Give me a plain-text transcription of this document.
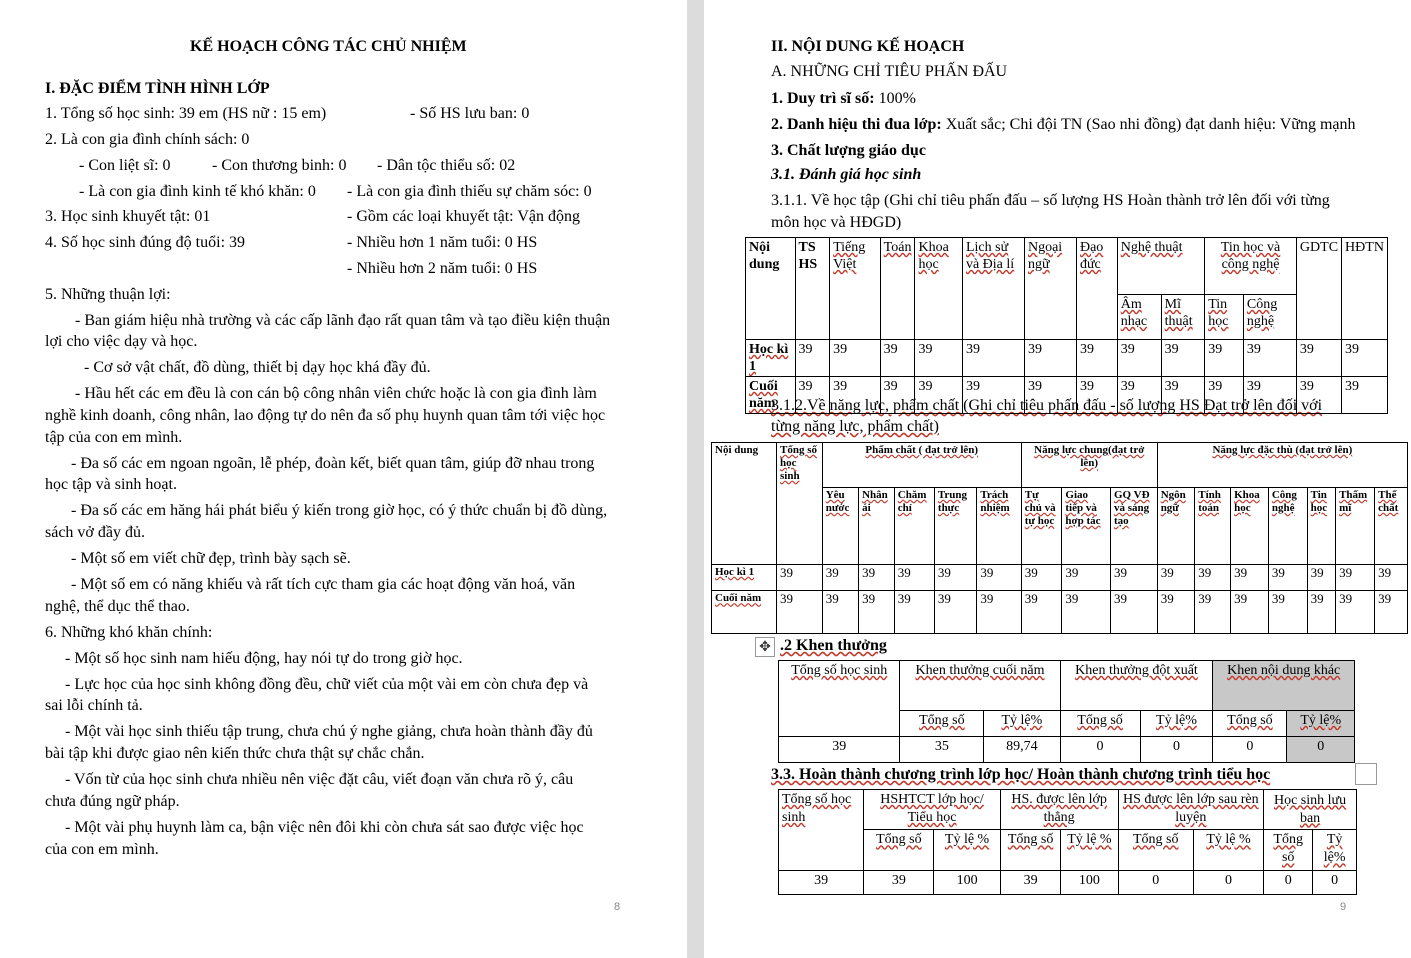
KẾ HOẠCH CÔNG TÁC CHỦ NHIỆM
I. ĐẶC ĐIỂM TÌNH HÌNH LỚP
1. Tổng số học sinh: 39 em (HS nữ : 15 em)	- Số HS lưu ban: 0
2. Là con gia đình chính sách: 0
- Con liệt sĩ: 0	- Con thương binh: 0 - Dân tộc thiểu số: 02
- Là con gia đình kinh tế khó khăn: 0 - Là con gia đình thiếu sự chăm sóc: 0
3. Học sinh khuyết tật: 01	- Gồm các loại khuyết tật: Vận động
4. Số học sinh đúng độ tuổi: 39	- Nhiều hơn 1 năm tuổi: 0 HS
- Nhiều hơn 2 năm tuổi: 0 HS
5. Những thuận lợi:
- Ban giám hiệu nhà trường và các cấp lãnh đạo rất quan tâm và tạo điều kiện thuận
lợi cho việc dạy và học.
- Cơ sở vật chất, đồ dùng, thiết bị dạy học khá đầy đủ.
- Hầu hết các em đều là con cán bộ công nhân viên chức hoặc là con gia đình làm
nghề kinh doanh, công nhân, lao động tự do nên đa số phụ huynh quan tâm tới việc học
tập của con em mình.
- Đa số các em ngoan ngoãn, lễ phép, đoàn kết, biết quan tâm, giúp đỡ nhau trong
học tập và sinh hoạt.
- Đa số các em hăng hái phát biểu ý kiến trong giờ học, có ý thức chuẩn bị đồ dùng,
sách vở đầy đủ.
- Một số em viết chữ đẹp, trình bày sạch sẽ.
- Một số em có năng khiếu và rất tích cực tham gia các hoạt động văn hoá, văn
nghệ, thể dục thể thao.
6. Những khó khăn chính:
- Một số học sinh nam hiếu động, hay nói tự do trong giờ học.
- Lực học của học sinh không đồng đều, chữ viết của một vài em còn chưa đẹp và
sai lỗi chính tả.
- Một vài học sinh thiếu tập trung, chưa chú ý nghe giảng, chưa hoàn thành đầy đủ
bài tập khi được giao nên kiến thức chưa thật sự chắc chắn.
- Vốn từ của học sinh chưa nhiều nên việc đặt câu, viết đoạn văn chưa rõ ý, câu
chưa đúng ngữ pháp.
- Một vài phụ huynh làm ca, bận việc nên đôi khi còn chưa sát sao được việc học
của con em mình.
8
II. NỘI DUNG KẾ HOẠCH
A. NHỮNG CHỈ TIÊU PHẤN ĐẤU
1. Duy trì sĩ số: 100%
2. Danh hiệu thi đua lớp: Xuất sắc; Chi đội TN (Sao nhi đồng) đạt danh hiệu: Vững mạnh
3. Chất lượng giáo dục
3.1. Đánh giá học sinh
3.1.1. Về học tập (Ghi chỉ tiêu phấn đấu – số lượng HS Hoàn thành trở lên đối với từng
môn học và HĐGD)
3.1.2.Về năng lực, phẩm chất (Ghi chỉ tiêu phấn đấu - số lượng HS Đạt trở lên đối với
từng năng lực, phẩm chất)
.2 Khen thưởng
3.3. Hoàn thành chương trình lớp học/ Hoàn thành chương trình tiểu học
9
✥
Nội dung	TS HS	Tiếng Việt	Toán	Khoa học	Lịch sử và Địa lí	Ngoại ngữ	Đạo đức	Nghệ thuật		Tin học và công nghệ		GDTC	HĐTN
								Âm nhạc	Mĩ thuật	Tin học	Công nghệ		
Học kì 1	39	39	39	39	39	39	39	39	39	39	39	39	39
Cuối năm	39	39	39	39	39	39	39	39	39	39	39	39	39
Nội dung	Tổng số học sinh	Phẩm chất ( đạt trở lên)					Năng lực chung(đạt trở lên)			Năng lực đặc thù (đạt trở lên)						
		Yêu nước	Nhân ái	Chăm chỉ	Trung thực	Trách nhiệm	Tự chủ và tự học	Giao tiếp và hợp tác	GQ VĐ và sáng tạo	Ngôn ngữ	Tính toán	Khoa học	Công nghệ	Tin học	Thẩm mĩ	Thể chất
Học kì 1	39	39	39	39	39	39	39	39	39	39	39	39	39	39	39	39
Cuối năm	39	39	39	39	39	39	39	39	39	39	39	39	39	39	39	39
Tổng số học sinh	Khen thưởng cuối năm		Khen thưởng đột xuất		Khen nội dung khác	
	Tổng số	Tỷ lệ%	Tổng số	Tỷ lệ%	Tổng số	Tỷ lệ%
39	35	89,74	0	0	0	0
Tổng số học sinh	HSHTCT lớp học/ Tiểu học		HS. được lên lớp thẳng		HS được lên lớp sau rèn luyện		Học sinh lưu ban	
	Tổng số	Tỷ lệ %	Tổng số	Tỷ lệ %	Tổng số	Tỷ lệ %	Tổng số	Tỷ lệ%
39	39	100	39	100	0	0	0	0
